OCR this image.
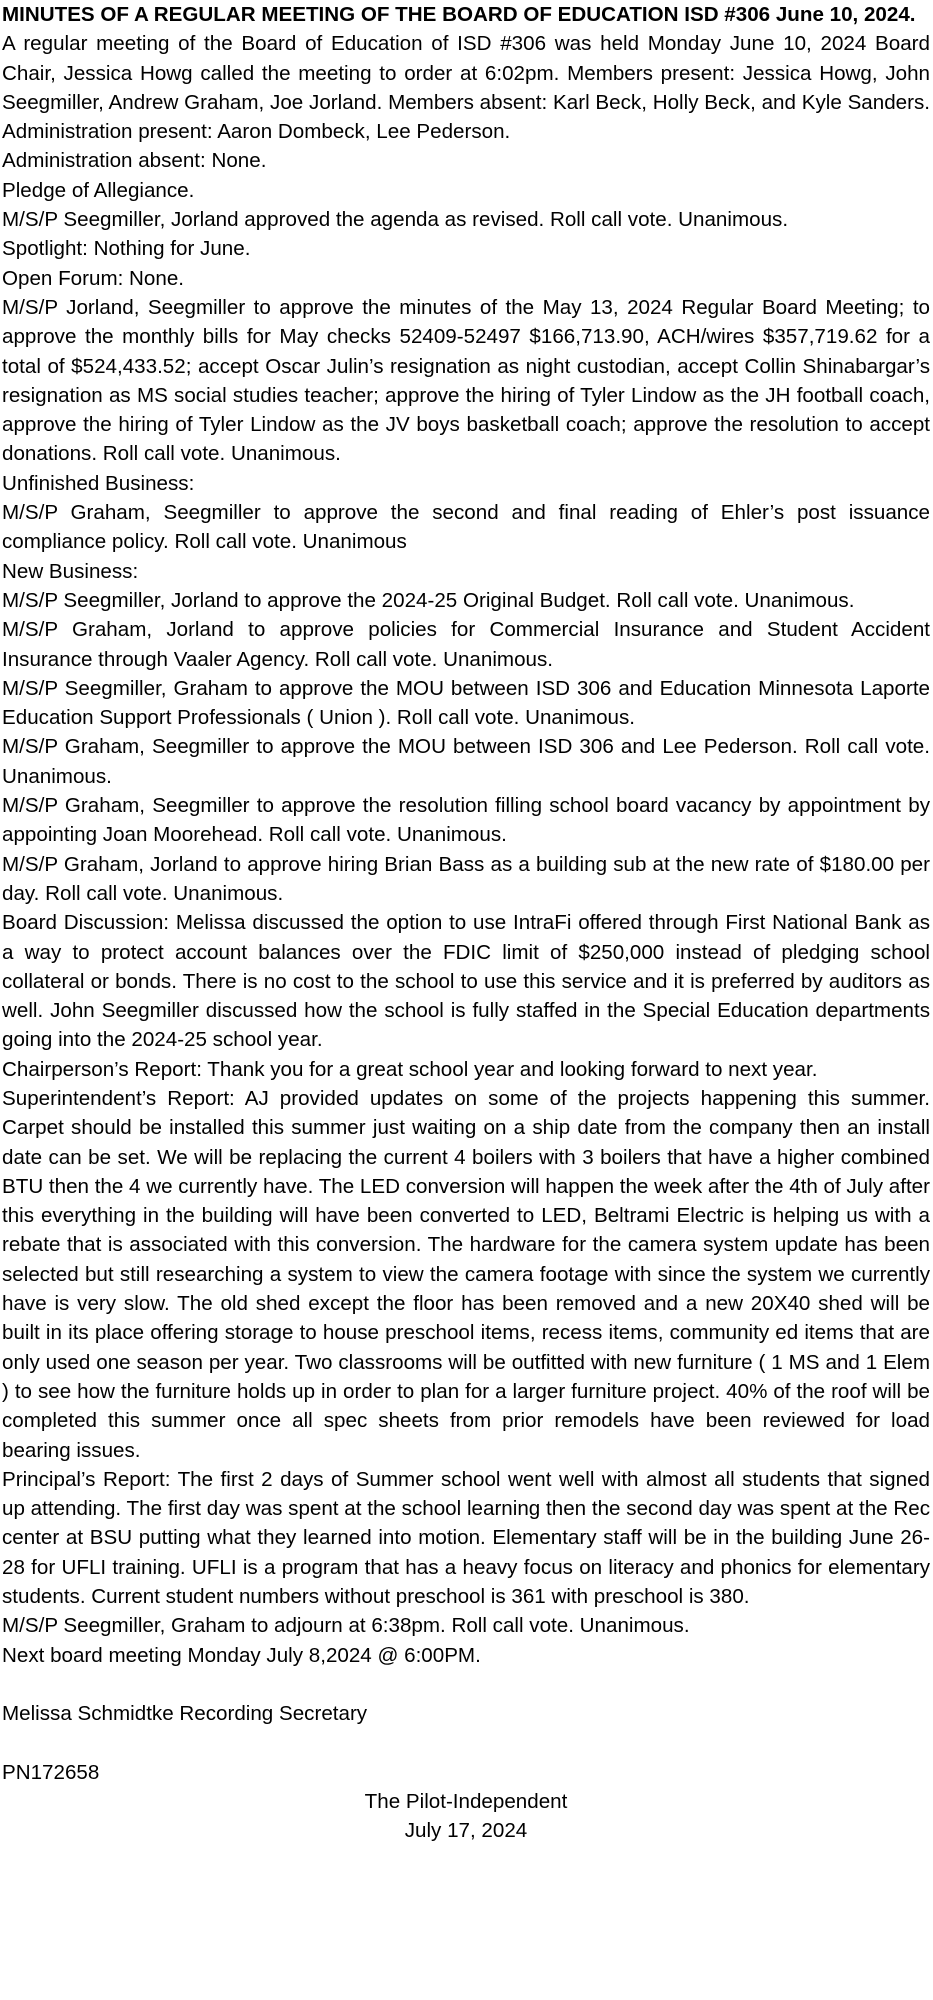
MINUTES OF A REGULAR MEETING OF THE BOARD OF EDUCATION ISD #306 June 10, 2024.

A regular meeting of the Board of Education of ISD #306 was held Monday June 10, 2024 Board Chair, Jessica Howg called the meeting to order at 6:02pm. Members present: Jessica Howg, John Seegmiller, Andrew Graham, Joe Jorland. Members absent: Karl Beck, Holly Beck, and Kyle Sanders. Administration present: Aaron Dombeck, Lee Pederson.

Administration absent: None.

Pledge of Allegiance.

M/S/P Seegmiller, Jorland approved the agenda as revised. Roll call vote. Unanimous.

Spotlight: Nothing for June.

Open Forum: None.

M/S/P Jorland, Seegmiller to approve the minutes of the May 13, 2024 Regular Board Meeting; to approve the monthly bills for May checks 52409-52497 $166,713.90, ACH/wires $357,719.62 for a total of $524,433.52; accept Oscar Julin’s resignation as night custodian, accept Collin Shinabargar’s resignation as MS social studies teacher; approve the hiring of Tyler Lindow as the JH football coach, approve the hiring of Tyler Lindow as the JV boys basketball coach; approve the resolution to accept donations. Roll call vote. Unanimous.

Unfinished Business:

M/S/P Graham, Seegmiller to approve the second and final reading of Ehler’s post issuance compliance policy. Roll call vote. Unanimous

New Business:

M/S/P Seegmiller, Jorland to approve the 2024-25 Original Budget. Roll call vote. Unanimous.

M/S/P Graham, Jorland to approve policies for Commercial Insurance and Student Accident Insurance through Vaaler Agency. Roll call vote. Unanimous.

M/S/P Seegmiller, Graham to approve the MOU between ISD 306 and Education Minnesota Laporte Education Support Professionals ( Union ). Roll call vote. Unanimous.

M/S/P Graham, Seegmiller to approve the MOU between ISD 306 and Lee Pederson. Roll call vote. Unanimous.

M/S/P Graham, Seegmiller to approve the resolution filling school board vacancy by appointment by appointing Joan Moorehead. Roll call vote. Unanimous.

M/S/P Graham, Jorland to approve hiring Brian Bass as a building sub at the new rate of $180.00 per day. Roll call vote. Unanimous.

Board Discussion: Melissa discussed the option to use IntraFi offered through First National Bank as a way to protect account balances over the FDIC limit of $250,000 instead of pledging school collateral or bonds. There is no cost to the school to use this service and it is preferred by auditors as well. John Seegmiller discussed how the school is fully staffed in the Special Education departments going into the 2024-25 school year.

Chairperson’s Report: Thank you for a great school year and looking forward to next year.

Superintendent’s Report: AJ provided updates on some of the projects happening this summer. Carpet should be installed this summer just waiting on a ship date from the company then an install date can be set. We will be replacing the current 4 boilers with 3 boilers that have a higher combined BTU then the 4 we currently have. The LED conversion will happen the week after the 4th of July after this everything in the building will have been converted to LED, Beltrami Electric is helping us with a rebate that is associated with this conversion. The hardware for the camera system update has been selected but still researching a system to view the camera footage with since the system we currently have is very slow. The old shed except the floor has been removed and a new 20X40 shed will be built in its place offering storage to house preschool items, recess items, community ed items that are only used one season per year. Two classrooms will be outfitted with new furniture ( 1 MS and 1 Elem ) to see how the furniture holds up in order to plan for a larger furniture project. 40% of the roof will be completed this summer once all spec sheets from prior remodels have been reviewed for load bearing issues.

Principal’s Report: The first 2 days of Summer school went well with almost all students that signed up attending. The first day was spent at the school learning then the second day was spent at the Rec center at BSU putting what they learned into motion. Elementary staff will be in the building June 26-28 for UFLI training. UFLI is a program that has a heavy focus on literacy and phonics for elementary students. Current student numbers without preschool is 361 with preschool is 380.

M/S/P Seegmiller, Graham to adjourn at 6:38pm. Roll call vote. Unanimous.

Next board meeting Monday July 8,2024 @ 6:00PM.

Melissa Schmidtke Recording Secretary

PN172658

The Pilot-Independent

July 17, 2024
